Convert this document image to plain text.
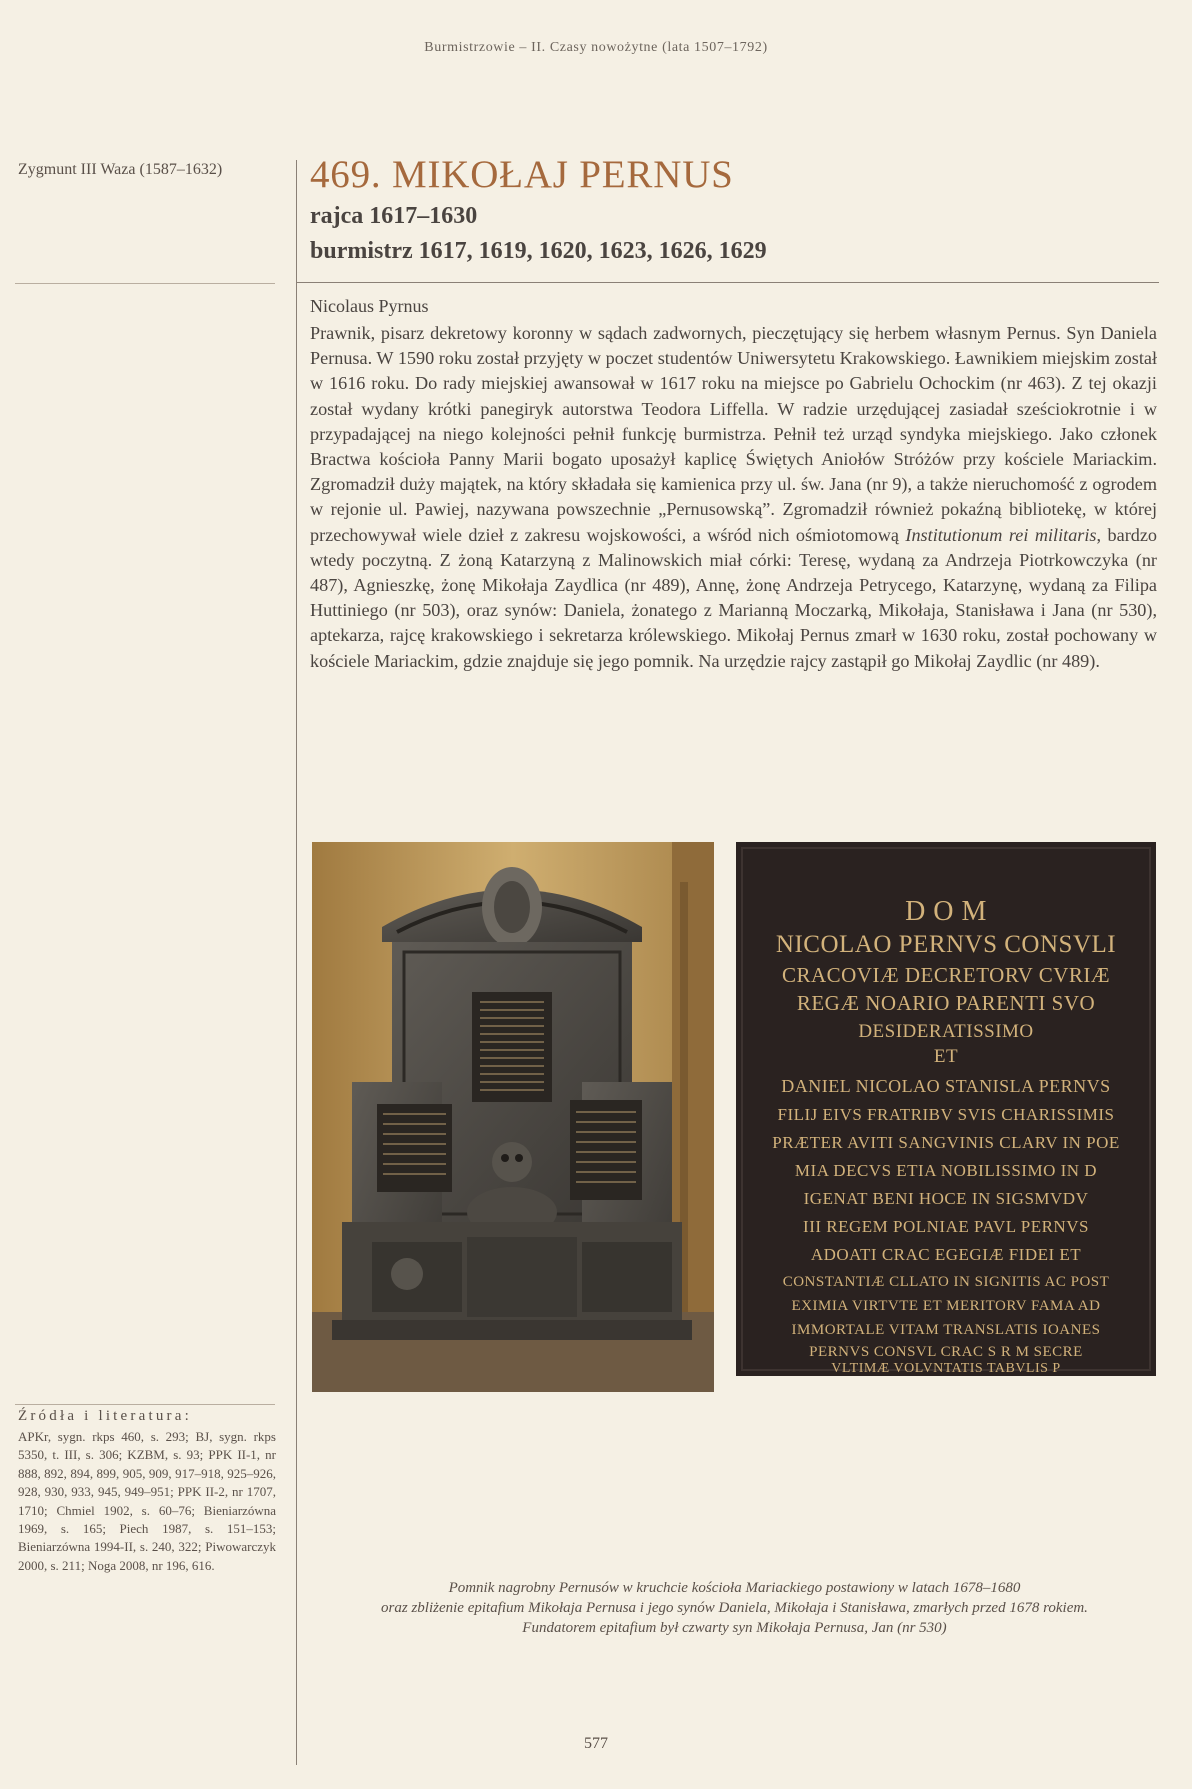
Burmistrzowie – II. Czasy nowożytne (lata 1507–1792)
Zygmunt III Waza (1587–1632)	469. MIKOŁAJ PERNUS
rajca 1617–1630
burmistrz 1617, 1619, 1620, 1623, 1626, 1629
Nicolaus Pyrnus
Prawnik, pisarz dekretowy koronny w sądach zadwornych, pieczętujący się herbem własnym Pernus. Syn Daniela Pernusa. W 1590 roku został przyjęty w poczet studentów Uniwersytetu Krakowskiego. Ławnikiem miejskim został w 1616 roku. Do rady miejskiej awansował w 1617 roku na miejsce po Gabrielu Ochockim (nr 463). Z tej okazji został wydany krótki panegiryk autorstwa Teodora Liffella. W radzie urzędującej zasiadał sześciokrotnie i w przypadającej na niego kolejności pełnił funkcję burmistrza. Pełnił też urząd syndyka miejskiego. Jako członek Bractwa kościoła Panny Marii bogato uposażył kaplicę Świętych Aniołów Stróżów przy kościele Mariackim. Zgromadził duży majątek, na który składała się kamienica przy ul. św. Jana (nr 9), a także nieruchomość z ogrodem w rejonie ul. Pawiej, nazywana powszechnie „Pernusowską”. Zgromadził również pokaźną bibliotekę, w której przechowywał wiele dzieł z zakresu wojskowości, a wśród nich ośmiotomową Institutionum rei militaris, bardzo wtedy poczytną. Z żoną Katarzyną z Malinowskich miał córki: Teresę, wydaną za Andrzeja Piotrkowczyka (nr 487), Agnieszkę, żonę Mikołaja Zaydlica (nr 489), Annę, żonę Andrzeja Petrycego, Katarzynę, wydaną za Filipa Huttiniego (nr 503), oraz synów: Daniela, żonatego z Marianną Moczarką, Mikołaja, Stanisława i Jana (nr 530), aptekarza, rajcę krakowskiego i sekretarza królewskiego. Mikołaj Pernus zmarł w 1630 roku, został pochowany w kościele Mariackim, gdzie znajduje się jego pomnik. Na urzędzie rajcy zastąpił go Mikołaj Zaydlic (nr 489).
D O M
NICOLAO PERNVS CONSVLI
CRACOVIÆ DECRETORV CVRIÆ
REGÆ NOARIO PARENTI SVO
DESIDERATISSIMO
ET
DANIEL NICOLAO STANISLA PERNVS
FILIJ EIVS FRATRIBV SVIS CHARISSIMIS
PRÆTER AVITI SANGVINIS CLARV IN POE
MIA DECVS ETIA NOBILISSIMO IN D
IGENAT BENI HOCE IN SIGSMVDV
III REGEM POLNIAE PAVL PERNVS
ADOATI CRAC EGEGIÆ FIDEI ET
CONSTANTIÆ CLLATO IN SIGNITIS AC POST
EXIMIA VIRTVTE ET MERITORV FAMA AD
IMMORTALE VITAM TRANSLATIS IOANES
PERNVS CONSVL CRAC S R M SECRE
VLTIMÆ VOLVNTATIS TABVLIS P
Pomnik nagrobny Pernusów w kruchcie kościoła Mariackiego postawiony w latach 1678–1680
oraz zbliżenie epitafium Mikołaja Pernusa i jego synów Daniela, Mikołaja i Stanisława, zmarłych przed 1678 rokiem.
Fundatorem epitafium był czwarty syn Mikołaja Pernusa, Jan (nr 530)
Źródła i literatura:
APKr, sygn. rkps 460, s. 293; BJ, sygn. rkps 5350, t. III, s. 306; KZBM, s. 93; PPK II-1, nr 888, 892, 894, 899, 905, 909, 917–918, 925–926, 928, 930, 933, 945, 949–951; PPK II-2, nr 1707, 1710; Chmiel 1902, s. 60–76; Bieniarzówna 1969, s. 165; Piech 1987, s. 151–153; Bieniarzówna 1994-II, s. 240, 322; Piwowarczyk 2000, s. 211; Noga 2008, nr 196, 616.
577
